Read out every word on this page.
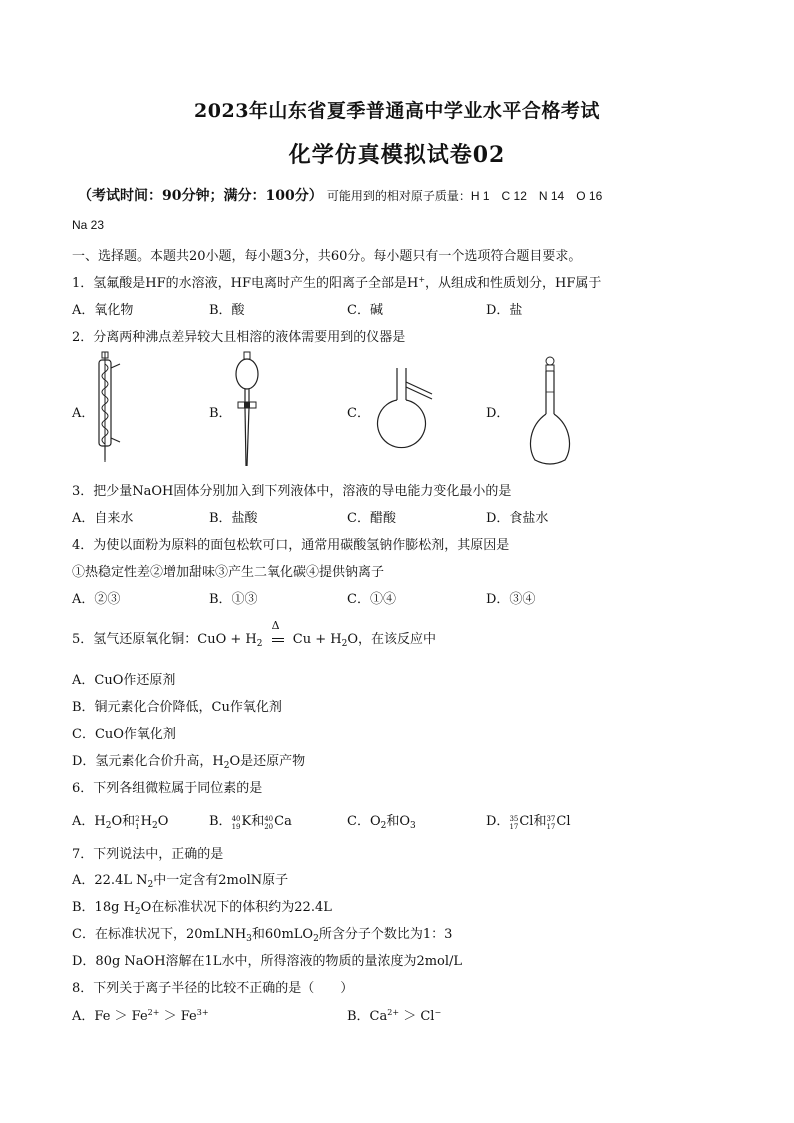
2023年山东省夏季普通高中学业水平合格考试
化学仿真模拟试卷02
（考试时间：90分钟；满分：100分） 可能用到的相对原子质量：H 1　C 12　N 14　O 16
Na 23
一、选择题。本题共20小题，每小题3分，共60分。每小题只有一个选项符合题目要求。
1．氢氟酸是HF的水溶液，HF电离时产生的阳离子全部是H+，从组成和性质划分，HF属于
A．氧化物	B．酸	C．碱	D．盐
2．分离两种沸点差异较大且相溶的液体需要用到的仪器是
A．	B．	C．	D．
3．把少量NaOH固体分别加入到下列液体中，溶液的导电能力变化最小的是
A．自来水	B．盐酸	C．醋酸	D．食盐水
4．为使以面粉为原料的面包松软可口，通常用碳酸氢钠作膨松剂，其原因是
①热稳定性差②增加甜味③产生二氧化碳④提供钠离子
A．②③	B．①③	C．①④	D．③④
5．氢气还原氧化铜：CuO + $H_2$
Δ
$Cu + H_2O$，在该反应中
A．CuO作还原剂
B．铜元素化合价降低，Cu作氧化剂
C．CuO作氧化剂
D．氢元素化合价升高，$H_2O$是还原产物
6．下列各组微粒属于同位素的是
A．$H_2O$和 2
1 $H_2O$	B． 40
19 K和 40
20 Ca	C．$O_2$和$O_3$	D． 35
17 Cl和 37
17 Cl
7．下列说法中，正确的是
A．22.4L $N_2$中一定含有2molN原子
B．18g $H_2O$在标准状况下的体积约为22.4L
C．在标准状况下，20mLNH$_3$和60mLO$_2$所含分子个数比为1：3
D．80g NaOH溶解在1L水中，所得溶液的物质的量浓度为2mol/L
8．下列关于离子半径的比较不正确的是（　　）
A．$Fe > Fe^{2+} > Fe^{3+}$	B．$Ca^{2+} > Cl^-$
